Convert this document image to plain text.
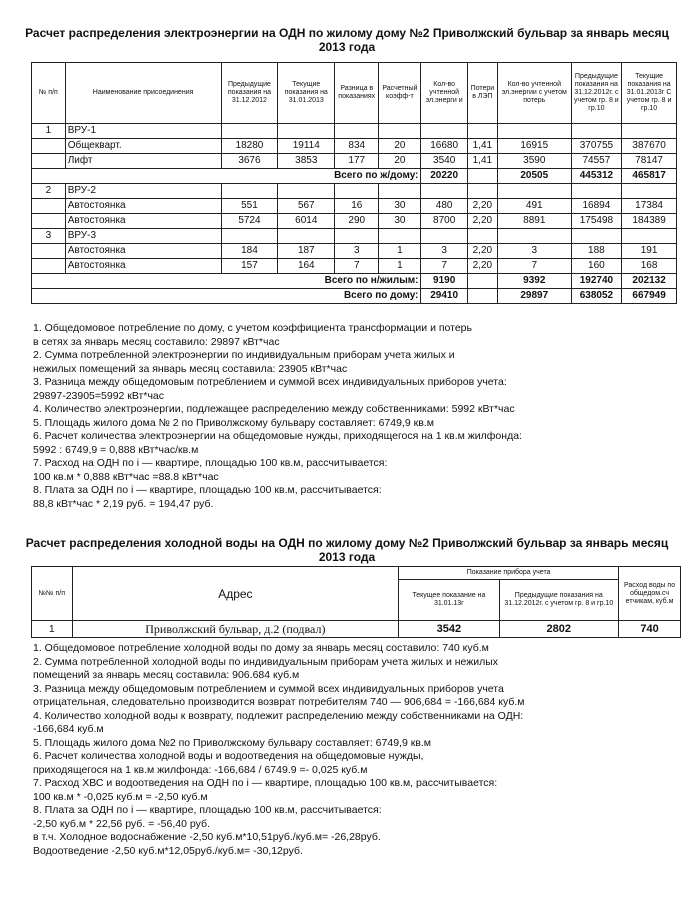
Расчет распределения электроэнергии на ОДН по жилому дому №2 Приволжский бульвар за январь месяц
2013 года
№ п/п	Наименование присоединения	Предыдущие показания на 31.12.2012	Текущие показания на 31.01.2013	Разница в показаниях	Расчетный коэфф-т	Кол-во учтенной эл.энерги и	Потери в ЛЭП	Кол-во учтенной эл.энергии с учетом потерь	Предыдущие показания на 31.12.2012г. с учетом гр. 8 и гр.10	Текущие показания на 31.01.2013г С учетом гр. 8 и гр.10
1	ВРУ-1									
	Общекварт.	18280	19114	834	20	16680	1,41	16915	370755	387670
	Лифт	3676	3853	177	20	3540	1,41	3590	74557	78147
Всего по ж/дому:						20220		20505	445312	465817
2	ВРУ-2									
	Автостоянка	551	567	16	30	480	2,20	491	16894	17384
	Автостоянка	5724	6014	290	30	8700	2,20	8891	175498	184389
3	ВРУ-3									
	Автостоянка	184	187	3	1	3	2,20	3	188	191
	Автостоянка	157	164	7	1	7	2,20	7	160	168
Всего по н/жилым:						9190		9392	192740	202132
Всего по дому:						29410		29897	638052	667949
1. Общедомовое потребление по дому, с учетом коэффициента трансформации и потерь
в сетях за январь месяц составило: 29897 кВт*час
2. Сумма потребленной электроэнергии по индивидуальным приборам учета жилых и
нежилых помещений за январь месяц составила: 23905 кВт*час
3. Разница между общедомовым потреблением и суммой всех индивидуальных приборов учета:
29897-23905=5992 кВт*час
4. Количество электроэнергии, подлежащее распределению между собственниками: 5992 кВт*час
5. Площадь жилого дома № 2 по Приволжскому бульвару составляет: 6749,9 кв.м
6. Расчет количества электроэнергии на общедомовые нужды, приходящегося на 1 кв.м жилфонда:
5992 : 6749,9 = 0,888 кВт*час/кв.м
7. Расход на ОДН по i — квартире, площадью 100 кв.м, рассчитывается:
100 кв.м * 0,888 кВт*час =88.8 кВт*час
8. Плата за ОДН по i — квартире, площадью 100 кв.м, рассчитывается:
88,8 кВт*час * 2,19 руб. = 194,47 руб.
Расчет распределения холодной воды на ОДН по жилому дому №2 Приволжский бульвар за январь месяц
2013 года
№№ п/п	Адрес	Показание прибора учета		Расход воды по общедом.сч етчикам, куб.м
		Текущее показание на 31.01.13г	Предыдущие показания на 31.12.2012г. с учетом гр. 8 и гр.10	
1	Приволжский бульвар, д.2 (подвал)	3542	2802	740
1. Общедомовое потребление холодной воды по дому за январь месяц составило: 740 куб.м
2. Сумма потребленной холодной воды по индивидуальным приборам учета жилых и нежилых
помещений за январь месяц составила: 906.684 куб.м
3. Разница между общедомовым потреблением и суммой всех индивидуальных приборов учета
отрицательная, следовательно производится возврат потребителям 740 — 906,684 = -166,684 куб.м
4. Количество холодной воды к возврату, подлежит распределению между собственниками на ОДН:
-166,684 куб.м
5. Площадь жилого дома №2 по Приволжскому бульвару составляет: 6749,9 кв.м
6. Расчет количества холодной воды и водоотведения на общедомовые нужды,
приходящегося на 1 кв.м жилфонда: -166,684 / 6749.9 =- 0,025 куб.м
7. Расход ХВС и водоотведения на ОДН по i — квартире, площадью 100 кв.м, рассчитывается:
100 кв.м * -0,025 куб.м = -2,50 куб.м
8. Плата за ОДН по i — квартире, площадью 100 кв.м, рассчитывается:
-2,50 куб.м * 22,56 руб. = -56,40 руб.
в т.ч. Холодное водоснабжение -2,50 куб.м*10,51руб./куб.м= -26,28руб.
Водоотведение -2,50 куб.м*12,05руб./куб.м= -30,12руб.
